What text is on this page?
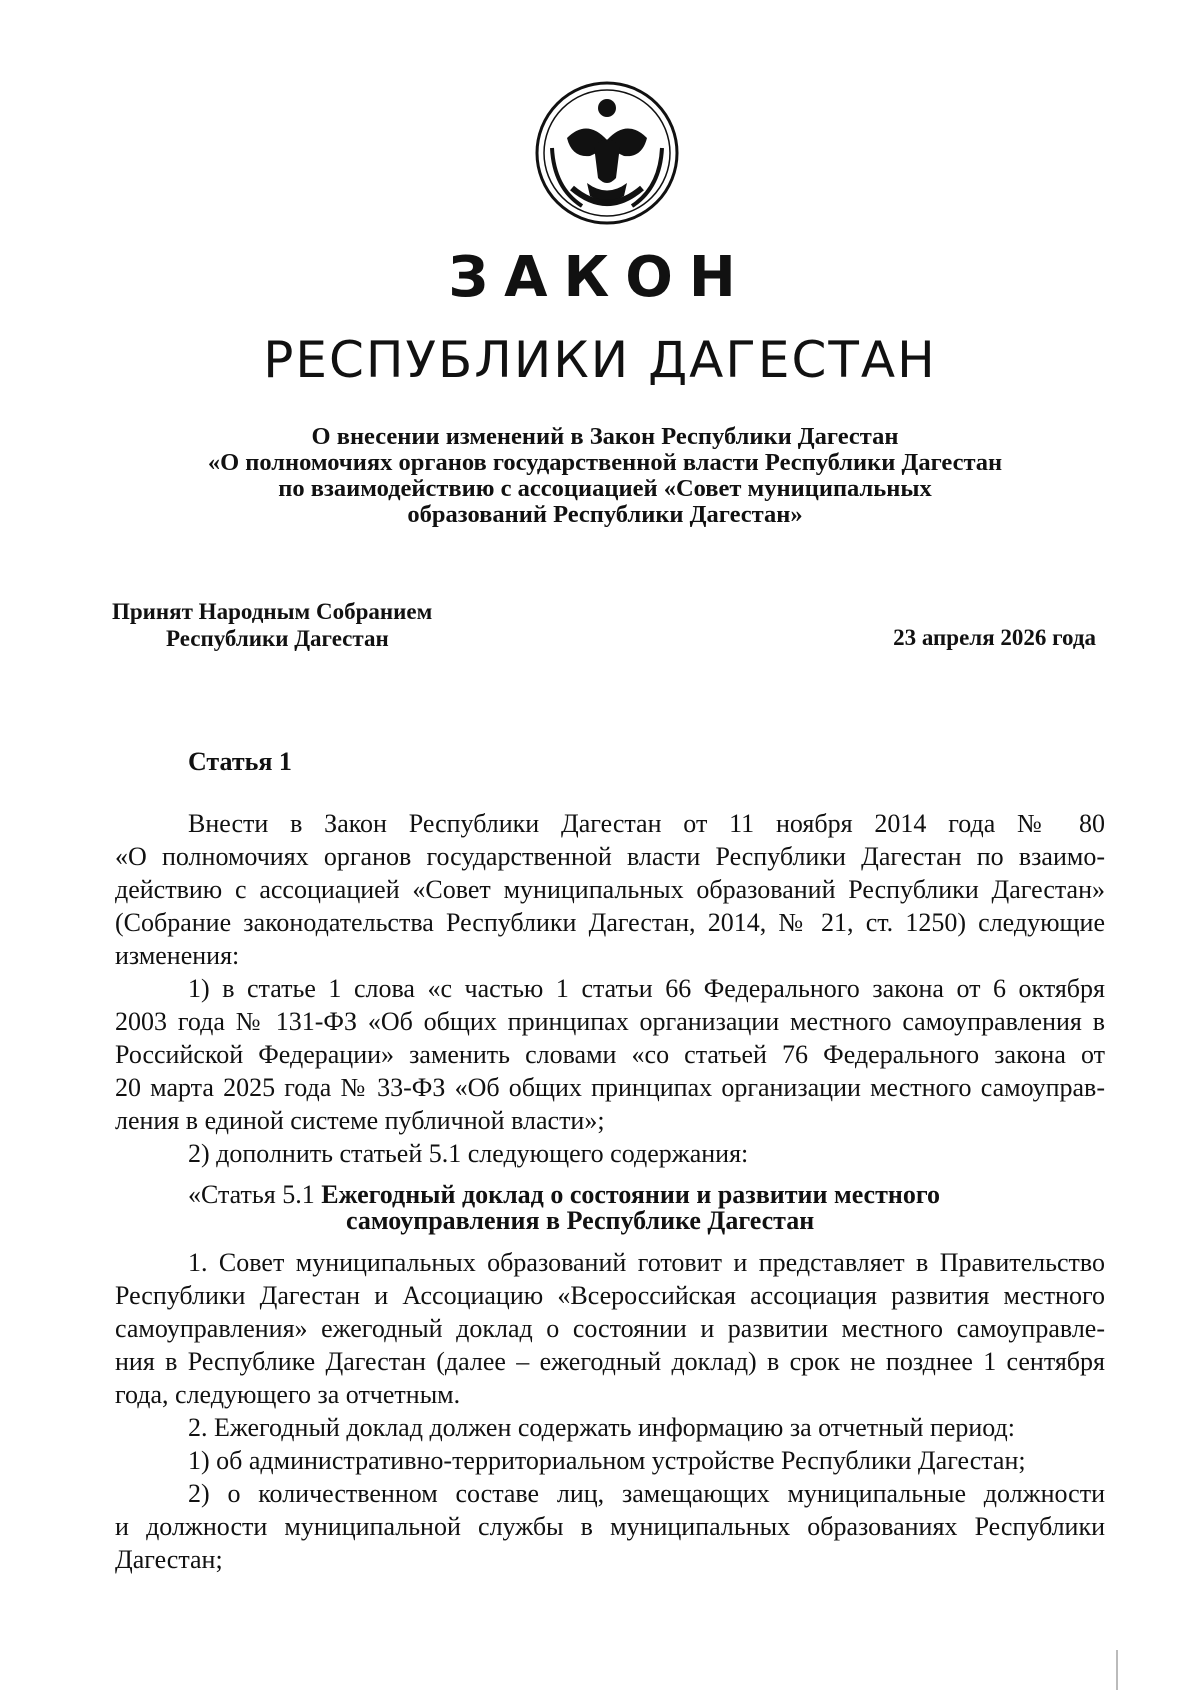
ЗАКОН
РЕСПУБЛИКИ ДАГЕСТАН
О внесении изменений в Закон Республики Дагестан
«О полномочиях органов государственной власти Республики Дагестан
по взаимодействию с ассоциацией «Совет муниципальных
образований Республики Дагестан»
Принят Народным Собранием
Республики Дагестан	23 апреля 2026 года
Статья 1
Внести в Закон Республики Дагестан от 11 ноября 2014 года № 80
«О полномочиях органов государственной власти Республики Дагестан по взаимо-
действию с ассоциацией «Совет муниципальных образований Республики Дагестан»
(Собрание законодательства Республики Дагестан, 2014, № 21, ст. 1250) следующие
изменения:
1) в статье 1 слова «с частью 1 статьи 66 Федерального закона от 6 октября
2003 года № 131-ФЗ «Об общих принципах организации местного самоуправления в
Российской Федерации» заменить словами «со статьей 76 Федерального закона от
20 марта 2025 года № 33-ФЗ «Об общих принципах организации местного самоуправ-
ления в единой системе публичной власти»;
2) дополнить статьей 5.1 следующего содержания:
«Статья 5.1 Ежегодный доклад о состоянии и развитии местного
самоуправления в Республике Дагестан
1. Совет муниципальных образований готовит и представляет в Правительство
Республики Дагестан и Ассоциацию «Всероссийская ассоциация развития местного
самоуправления» ежегодный доклад о состоянии и развитии местного самоуправле-
ния в Республике Дагестан (далее – ежегодный доклад) в срок не позднее 1 сентября
года, следующего за отчетным.
2. Ежегодный доклад должен содержать информацию за отчетный период:
1) об административно-территориальном устройстве Республики Дагестан;
2) о количественном составе лиц, замещающих муниципальные должности
и должности муниципальной службы в муниципальных образованиях Республики
Дагестан;
